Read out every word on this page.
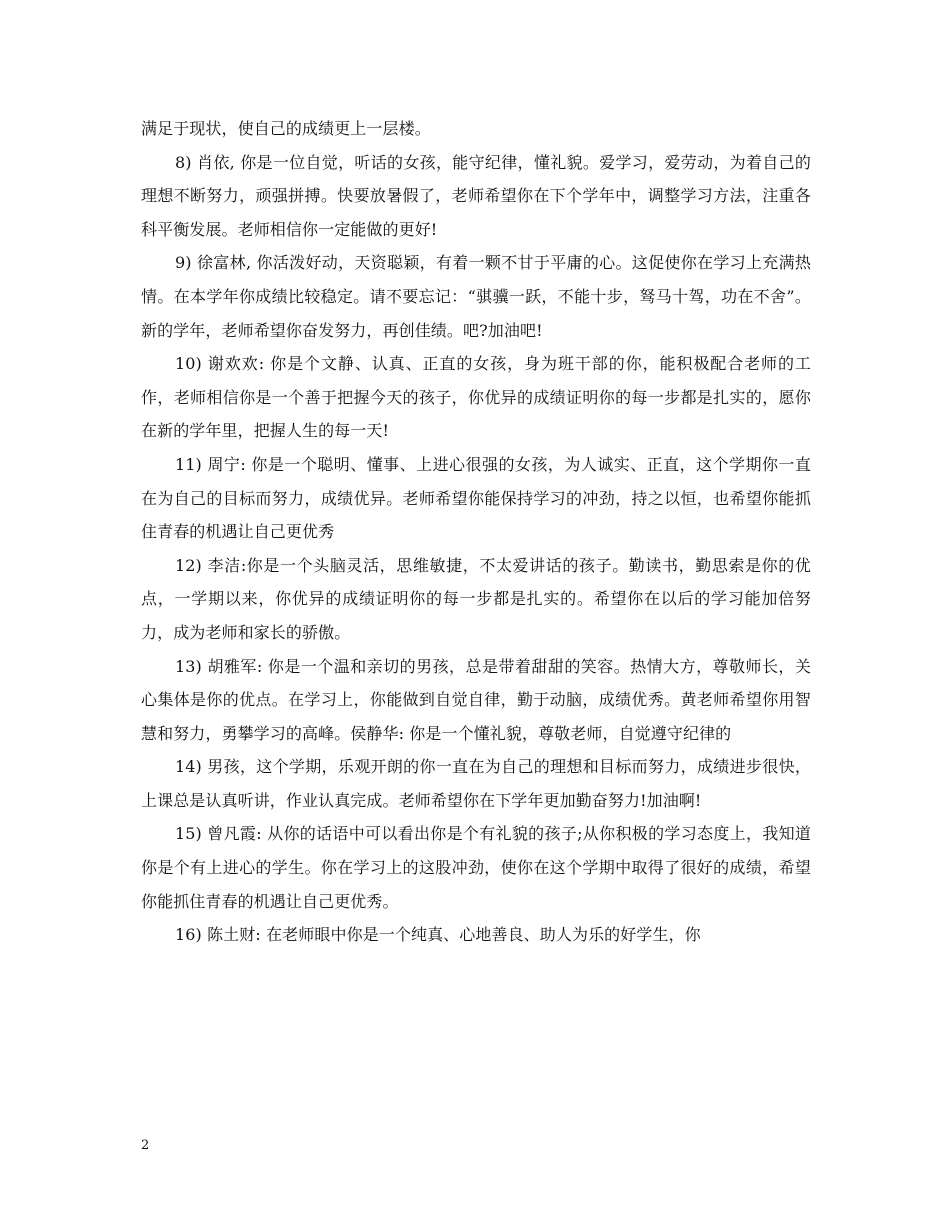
满足于现状，使自己的成绩更上一层楼。

8) 肖依, 你是一位自觉，听话的女孩，能守纪律，懂礼貌。爱学习，爱劳动，为着自己的理想不断努力，顽强拼搏。快要放暑假了，老师希望你在下个学年中，调整学习方法，注重各科平衡发展。老师相信你一定能做的更好!

9) 徐富林, 你活泼好动，天资聪颖，有着一颗不甘于平庸的心。这促使你在学习上充满热情。在本学年你成绩比较稳定。请不要忘记：“骐骥一跃，不能十步，驽马十驾，功在不舍”。新的学年，老师希望你奋发努力，再创佳绩。吧?加油吧!

10) 谢欢欢: 你是个文静、认真、正直的女孩，身为班干部的你，能积极配合老师的工作，老师相信你是一个善于把握今天的孩子，你优异的成绩证明你的每一步都是扎实的，愿你在新的学年里，把握人生的每一天!

11) 周宁: 你是一个聪明、懂事、上进心很强的女孩，为人诚实、正直，这个学期你一直在为自己的目标而努力，成绩优异。老师希望你能保持学习的冲劲，持之以恒，也希望你能抓住青春的机遇让自己更优秀

12) 李洁:你是一个头脑灵活，思维敏捷，不太爱讲话的孩子。勤读书，勤思索是你的优点，一学期以来，你优异的成绩证明你的每一步都是扎实的。希望你在以后的学习能加倍努力，成为老师和家长的骄傲。

13) 胡雅军: 你是一个温和亲切的男孩，总是带着甜甜的笑容。热情大方，尊敬师长，关心集体是你的优点。在学习上，你能做到自觉自律，勤于动脑，成绩优秀。黄老师希望你用智慧和努力，勇攀学习的高峰。侯静华: 你是一个懂礼貌，尊敬老师，自觉遵守纪律的

14) 男孩，这个学期，乐观开朗的你一直在为自己的理想和目标而努力，成绩进步很快，上课总是认真听讲，作业认真完成。老师希望你在下学年更加勤奋努力!加油啊!

15) 曾凡霞: 从你的话语中可以看出你是个有礼貌的孩子;从你积极的学习态度上，我知道你是个有上进心的学生。你在学习上的这股冲劲，使你在这个学期中取得了很好的成绩，希望你能抓住青春的机遇让自己更优秀。

16) 陈土财: 在老师眼中你是一个纯真、心地善良、助人为乐的好学生，你

2
